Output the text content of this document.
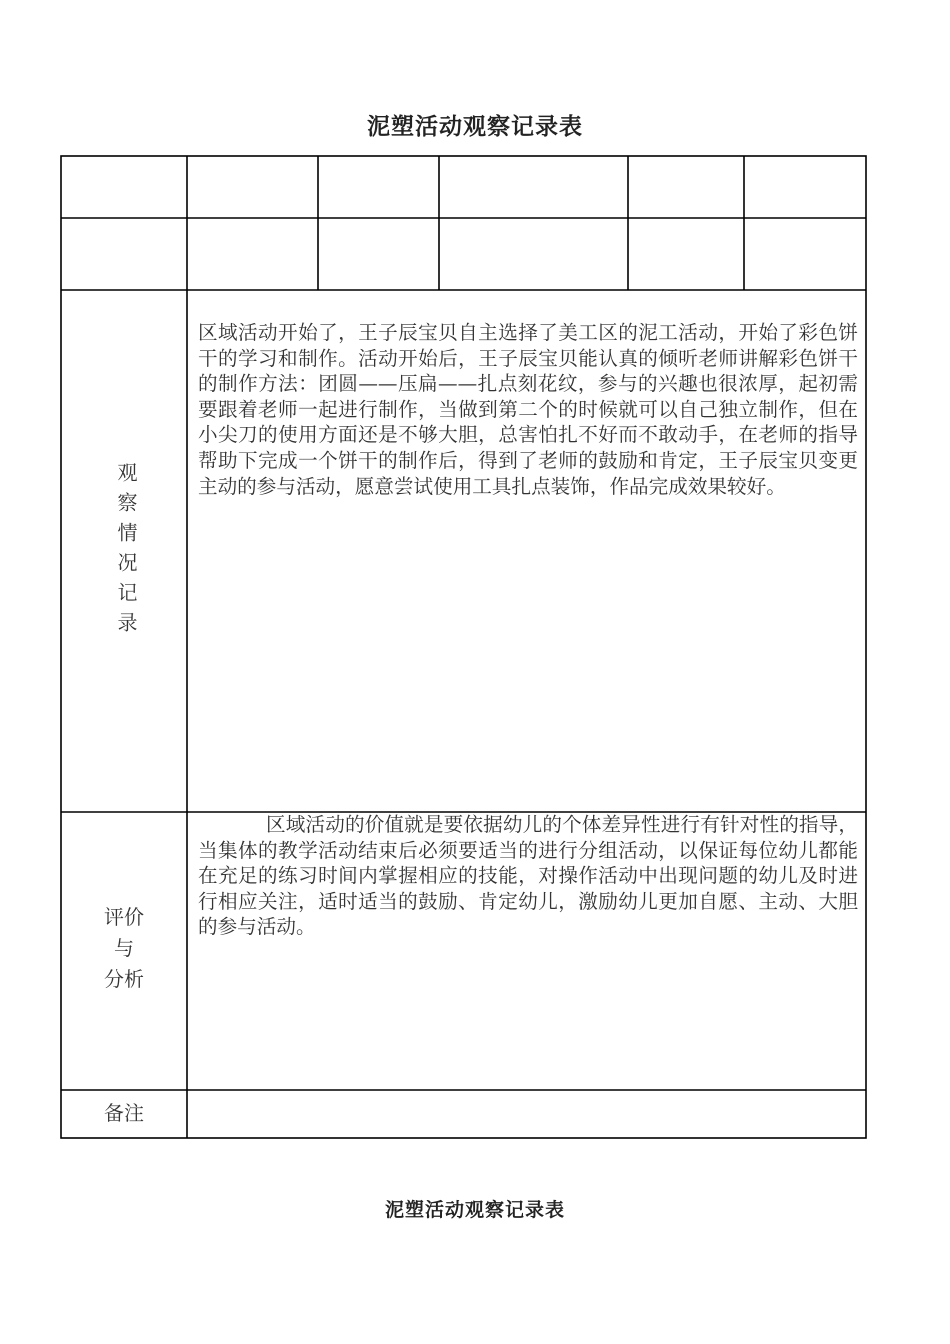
泥塑活动观察记录表

观察情况记录

区域活动开始了，王子辰宝贝自主选择了美工区的泥工活动，开始了彩色饼干的学习和制作。活动开始后，王子辰宝贝能认真的倾听老师讲解彩色饼干的制作方法：团圆——压扁——扎点刻花纹，参与的兴趣也很浓厚，起初需要跟着老师一起进行制作，当做到第二个的时候就可以自己独立制作，但在小尖刀的使用方面还是不够大胆，总害怕扎不好而不敢动手，在老师的指导帮助下完成一个饼干的制作后，得到了老师的鼓励和肯定，王子辰宝贝变更主动的参与活动，愿意尝试使用工具扎点装饰，作品完成效果较好。

评价

与

分析

区域活动的价值就是要依据幼儿的个体差异性进行有针对性的指导，当集体的教学活动结束后必须要适当的进行分组活动，以保证每位幼儿都能在充足的练习时间内掌握相应的技能，对操作活动中出现问题的幼儿及时进行相应关注，适时适当的鼓励、肯定幼儿，激励幼儿更加自愿、主动、大胆的参与活动。

备注

泥塑活动观察记录表
